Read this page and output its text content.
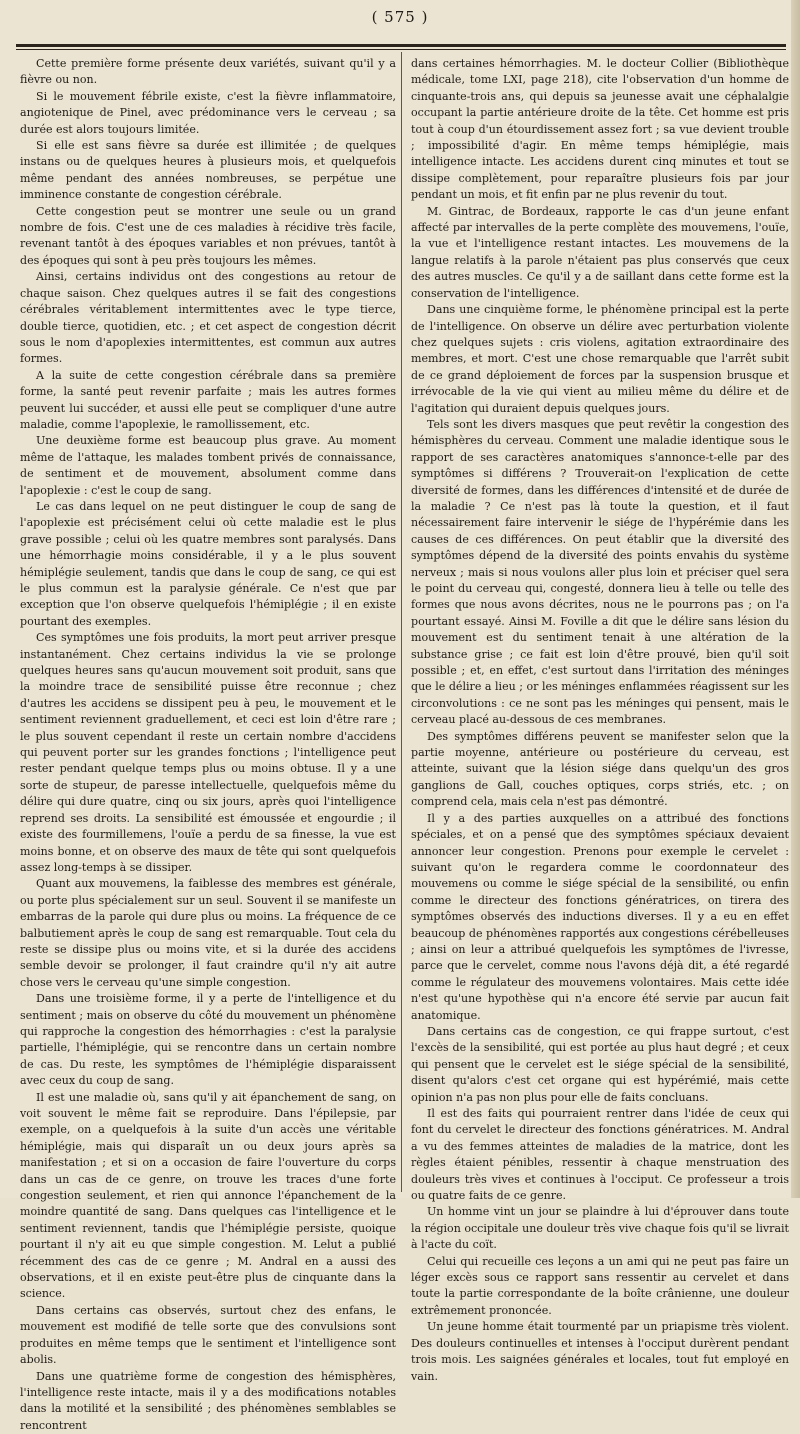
( 575 )

Cette première forme présente deux variétés, suivant qu'il y a fièvre ou non.

Si le mouvement fébrile existe, c'est la fièvre inflammatoire, angiotenique de Pinel, avec prédominance vers le cerveau ; sa durée est alors toujours limitée.

Si elle est sans fièvre sa durée est illimitée ; de quelques instans ou de quelques heures à plusieurs mois, et quelquefois même pendant des années nombreuses, se perpétue une imminence constante de congestion cérébrale.

Cette congestion peut se montrer une seule ou un grand nombre de fois. C'est une de ces maladies à récidive très facile, revenant tantôt à des époques variables et non prévues, tantôt à des époques qui sont à peu près toujours les mêmes.

Ainsi, certains individus ont des congestions au retour de chaque saison. Chez quelques autres il se fait des congestions cérébrales véritablement intermittentes avec le type tierce, double tierce, quotidien, etc. ; et cet aspect de congestion décrit sous le nom d'apoplexies intermittentes, est commun aux autres formes.

A la suite de cette congestion cérébrale dans sa première forme, la santé peut revenir parfaite ; mais les autres formes peuvent lui succéder, et aussi elle peut se compliquer d'une autre maladie, comme l'apoplexie, le ramollissement, etc.

Une deuxième forme est beaucoup plus grave. Au moment même de l'attaque, les malades tombent privés de connaissance, de sentiment et de mouvement, absolument comme dans l'apoplexie : c'est le coup de sang.

Le cas dans lequel on ne peut distinguer le coup de sang de l'apoplexie est précisément celui où cette maladie est le plus grave possible ; celui où les quatre membres sont paralysés. Dans une hémorrhagie moins considérable, il y a le plus souvent hémiplégie seulement, tandis que dans le coup de sang, ce qui est le plus commun est la paralysie générale. Ce n'est que par exception que l'on observe quelquefois l'hémiplégie ; il en existe pourtant des exemples.

Ces symptômes une fois produits, la mort peut arriver presque instantanément. Chez certains individus la vie se prolonge quelques heures sans qu'aucun mouvement soit produit, sans que la moindre trace de sensibilité puisse être reconnue ; chez d'autres les accidens se dissipent peu à peu, le mouvement et le sentiment reviennent graduellement, et ceci est loin d'être rare ; le plus souvent cependant il reste un certain nombre d'accidens qui peuvent porter sur les grandes fonctions ; l'intelligence peut rester pendant quelque temps plus ou moins obtuse. Il y a une sorte de stupeur, de paresse intellectuelle, quelquefois même du délire qui dure quatre, cinq ou six jours, après quoi l'intelligence reprend ses droits. La sensibilité est émoussée et engourdie ; il existe des fourmillemens, l'ouïe a perdu de sa finesse, la vue est moins bonne, et on observe des maux de tête qui sont quelquefois assez long-temps à se dissiper.

Quant aux mouvemens, la faiblesse des membres est générale, ou porte plus spécialement sur un seul. Souvent il se manifeste un embarras de la parole qui dure plus ou moins. La fréquence de ce balbutiement après le coup de sang est remarquable. Tout cela du reste se dissipe plus ou moins vite, et si la durée des accidens semble devoir se prolonger, il faut craindre qu'il n'y ait autre chose vers le cerveau qu'une simple congestion.

Dans une troisième forme, il y a perte de l'intelligence et du sentiment ; mais on observe du côté du mouvement un phénomène qui rapproche la congestion des hémorrhagies : c'est la paralysie partielle, l'hémiplégie, qui se rencontre dans un certain nombre de cas. Du reste, les symptômes de l'hémiplégie disparaissent avec ceux du coup de sang.

Il est une maladie où, sans qu'il y ait épanchement de sang, on voit souvent le même fait se reproduire. Dans l'épilepsie, par exemple, on a quelquefois à la suite d'un accès une véritable hémiplégie, mais qui disparaît un ou deux jours après sa manifestation ; et si on a occasion de faire l'ouverture du corps dans un cas de ce genre, on trouve les traces d'une forte congestion seulement, et rien qui annonce l'épanchement de la moindre quantité de sang. Dans quelques cas l'intelligence et le sentiment reviennent, tandis que l'hémiplégie persiste, quoique pourtant il n'y ait eu que simple congestion. M. Lelut a publié récemment des cas de ce genre ; M. Andral en a aussi des observations, et il en existe peut-être plus de cinquante dans la science.

Dans certains cas observés, surtout chez des enfans, le mouvement est modifié de telle sorte que des convulsions sont produites en même temps que le sentiment et l'intelligence sont abolis.

Dans une quatrième forme de congestion des hémisphères, l'intelligence reste intacte, mais il y a des modifications notables dans la motilité et la sensibilité ; des phénomènes semblables se rencontrent

dans certaines hémorrhagies. M. le docteur Collier (Bibliothèque médicale, tome LXI, page 218), cite l'observation d'un homme de cinquante-trois ans, qui depuis sa jeunesse avait une céphalalgie occupant la partie antérieure droite de la tête. Cet homme est pris tout à coup d'un étourdissement assez fort ; sa vue devient trouble ; impossibilité d'agir. En même temps hémiplégie, mais intelligence intacte. Les accidens durent cinq minutes et tout se dissipe complètement, pour reparaître plusieurs fois par jour pendant un mois, et fit enfin par ne plus revenir du tout.

M. Gintrac, de Bordeaux, rapporte le cas d'un jeune enfant affecté par intervalles de la perte complète des mouvemens, l'ouïe, la vue et l'intelligence restant intactes. Les mouvemens de la langue relatifs à la parole n'étaient pas plus conservés que ceux des autres muscles. Ce qu'il y a de saillant dans cette forme est la conservation de l'intelligence.

Dans une cinquième forme, le phénomène principal est la perte de l'intelligence. On observe un délire avec perturbation violente chez quelques sujets : cris violens, agitation extraordinaire des membres, et mort. C'est une chose remarquable que l'arrêt subit de ce grand déploiement de forces par la suspension brusque et irrévocable de la vie qui vient au milieu même du délire et de l'agitation qui duraient depuis quelques jours.

Tels sont les divers masques que peut revêtir la congestion des hémisphères du cerveau. Comment une maladie identique sous le rapport de ses caractères anatomiques s'annonce-t-elle par des symptômes si différens ? Trouverait-on l'explication de cette diversité de formes, dans les différences d'intensité et de durée de la maladie ? Ce n'est pas là toute la question, et il faut nécessairement faire intervenir le siége de l'hypérémie dans les causes de ces différences. On peut établir que la diversité des symptômes dépend de la diversité des points envahis du système nerveux ; mais si nous voulons aller plus loin et préciser quel sera le point du cerveau qui, congesté, donnera lieu à telle ou telle des formes que nous avons décrites, nous ne le pourrons pas ; on l'a pourtant essayé. Ainsi M. Foville a dit que le délire sans lésion du mouvement est du sentiment tenait à une altération de la substance grise ; ce fait est loin d'être prouvé, bien qu'il soit possible ; et, en effet, c'est surtout dans l'irritation des méninges que le délire a lieu ; or les méninges enflammées réagissent sur les circonvolutions : ce ne sont pas les méninges qui pensent, mais le cerveau placé au-dessous de ces membranes.

Des symptômes différens peuvent se manifester selon que la partie moyenne, antérieure ou postérieure du cerveau, est atteinte, suivant que la lésion siége dans quelqu'un des gros ganglions de Gall, couches optiques, corps striés, etc. ; on comprend cela, mais cela n'est pas démontré.

Il y a des parties auxquelles on a attribué des fonctions spéciales, et on a pensé que des symptômes spéciaux devaient annoncer leur congestion. Prenons pour exemple le cervelet : suivant qu'on le regardera comme le coordonnateur des mouvemens ou comme le siége spécial de la sensibilité, ou enfin comme le directeur des fonctions génératrices, on tirera des symptômes observés des inductions diverses. Il y a eu en effet beaucoup de phénomènes rapportés aux congestions cérébelleuses ; ainsi on leur a attribué quelquefois les symptômes de l'ivresse, parce que le cervelet, comme nous l'avons déjà dit, a été regardé comme le régulateur des mouvemens volontaires. Mais cette idée n'est qu'une hypothèse qui n'a encore été servie par aucun fait anatomique.

Dans certains cas de congestion, ce qui frappe surtout, c'est l'excès de la sensibilité, qui est portée au plus haut degré ; et ceux qui pensent que le cervelet est le siége spécial de la sensibilité, disent qu'alors c'est cet organe qui est hypérémié, mais cette opinion n'a pas non plus pour elle de faits concluans.

Il est des faits qui pourraient rentrer dans l'idée de ceux qui font du cervelet le directeur des fonctions génératrices. M. Andral a vu des femmes atteintes de maladies de la matrice, dont les règles étaient pénibles, ressentir à chaque menstruation des douleurs très vives et continues à l'occiput. Ce professeur a trois ou quatre faits de ce genre.

Un homme vint un jour se plaindre à lui d'éprouver dans toute la région occipitale une douleur très vive chaque fois qu'il se livrait à l'acte du coït.

Celui qui recueille ces leçons a un ami qui ne peut pas faire un léger excès sous ce rapport sans ressentir au cervelet et dans toute la partie correspondante de la boîte crânienne, une douleur extrêmement prononcée.

Un jeune homme était tourmenté par un priapisme très violent. Des douleurs continuelles et intenses à l'occiput durèrent pendant trois mois. Les saignées générales et locales, tout fut employé en vain.
